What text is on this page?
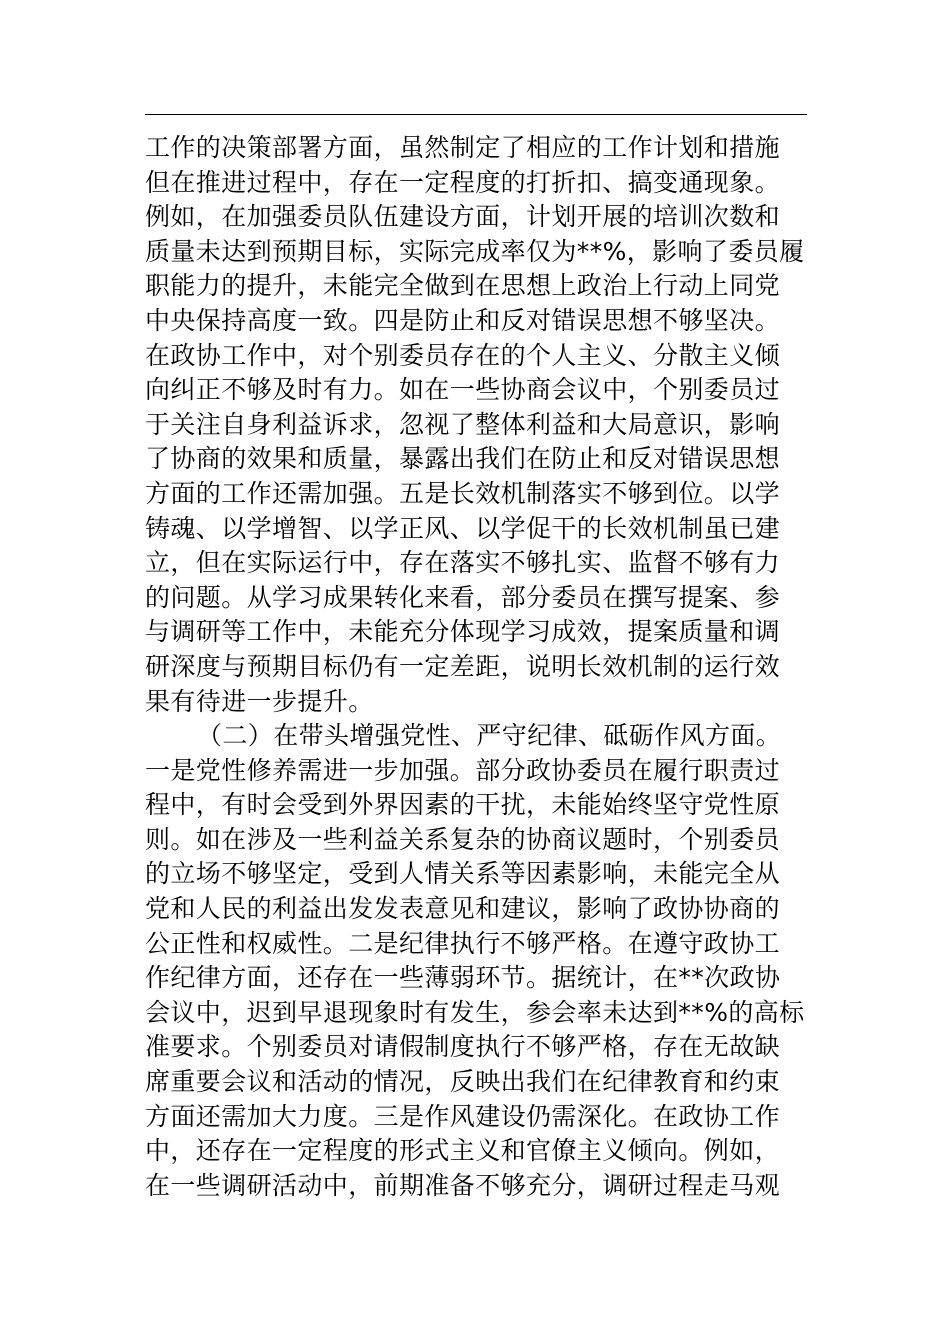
工作的决策部署方面，虽然制定了相应的工作计划和措施
但在推进过程中，存在一定程度的打折扣、搞变通现象。
例如，在加强委员队伍建设方面，计划开展的培训次数和
质量未达到预期目标，实际完成率仅为**%，影响了委员履
职能力的提升，未能完全做到在思想上政治上行动上同党
中央保持高度一致。四是防止和反对错误思想不够坚决。
在政协工作中，对个别委员存在的个人主义、分散主义倾
向纠正不够及时有力。如在一些协商会议中，个别委员过
于关注自身利益诉求，忽视了整体利益和大局意识，影响
了协商的效果和质量，暴露出我们在防止和反对错误思想
方面的工作还需加强。五是长效机制落实不够到位。以学
铸魂、以学增智、以学正风、以学促干的长效机制虽已建
立，但在实际运行中，存在落实不够扎实、监督不够有力
的问题。从学习成果转化来看，部分委员在撰写提案、参
与调研等工作中，未能充分体现学习成效，提案质量和调
研深度与预期目标仍有一定差距，说明长效机制的运行效
果有待进一步提升。
（二）在带头增强党性、严守纪律、砥砺作风方面。
一是党性修养需进一步加强。部分政协委员在履行职责过
程中，有时会受到外界因素的干扰，未能始终坚守党性原
则。如在涉及一些利益关系复杂的协商议题时，个别委员
的立场不够坚定，受到人情关系等因素影响，未能完全从
党和人民的利益出发发表意见和建议，影响了政协协商的
公正性和权威性。二是纪律执行不够严格。在遵守政协工
作纪律方面，还存在一些薄弱环节。据统计，在**次政协
会议中，迟到早退现象时有发生，参会率未达到**%的高标
准要求。个别委员对请假制度执行不够严格，存在无故缺
席重要会议和活动的情况，反映出我们在纪律教育和约束
方面还需加大力度。三是作风建设仍需深化。在政协工作
中，还存在一定程度的形式主义和官僚主义倾向。例如，
在一些调研活动中，前期准备不够充分，调研过程走马观
